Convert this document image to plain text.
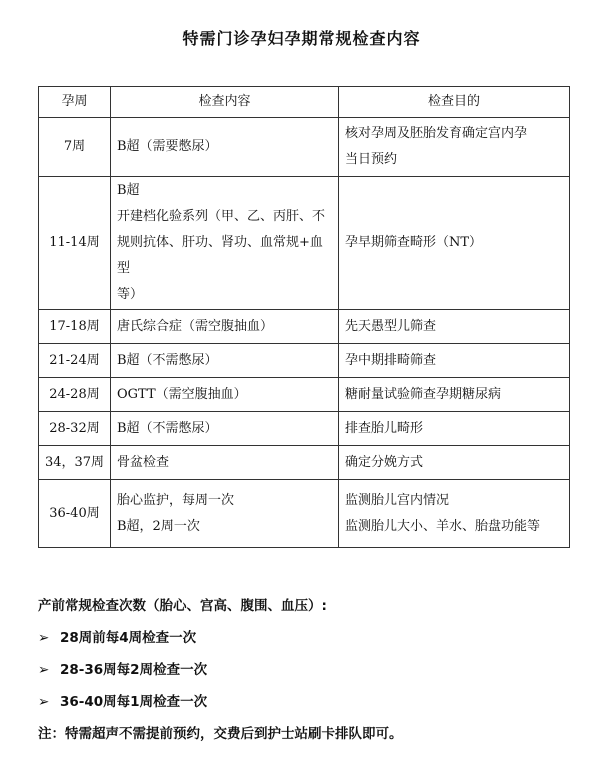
特需门诊孕妇孕期常规检查内容
孕周	检查内容	检查目的
7周	B超（需要憋尿）	核对孕周及胚胎发育确定宫内孕
当日预约

11-14周	B超
开建档化验系列（甲、乙、丙肝、不
规则抗体、肝功、肾功、血常规+血型
等）	孕早期筛查畸形（NT）

17-18周	唐氏综合症（需空腹抽血）	先天愚型儿筛查

21-24周	B超（不需憋尿）	孕中期排畸筛查

24-28周	OGTT（需空腹抽血）	糖耐量试验筛查孕期糖尿病

28-32周	B超（不需憋尿）	排查胎儿畸形

34，37周	骨盆检查	确定分娩方式

36-40周	胎心监护，每周一次
B超，2周一次	监测胎儿宫内情况
监测胎儿大小、羊水、胎盘功能等
产前常规检查次数（胎心、宫高、腹围、血压）:
➢ 28周前每4周检查一次
➢ 28-36周每2周检查一次
➢ 36-40周每1周检查一次
注：特需超声不需提前预约，交费后到护士站刷卡排队即可。
